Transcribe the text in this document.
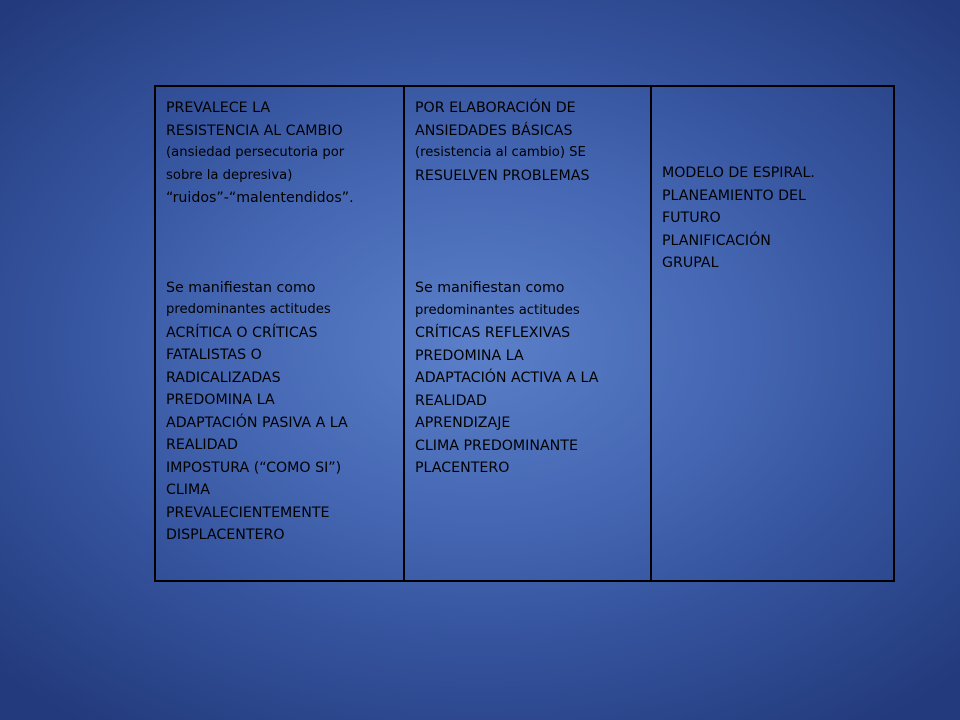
PREVALECE LA
RESISTENCIA AL CAMBIO
(ansiedad persecutoria por
sobre la depresiva)
“ruidos”-“malentendidos”.
Se manifiestan como
predominantes actitudes
ACRÍTICA O CRÍTICAS
FATALISTAS O
RADICALIZADAS
PREDOMINA LA
ADAPTACIÓN PASIVA A LA
REALIDAD
IMPOSTURA (“COMO SI”)
CLIMA
PREVALECIENTEMENTE
DISPLACENTERO
POR ELABORACIÓN DE
ANSIEDADES BÁSICAS
(resistencia al cambio) SE
RESUELVEN PROBLEMAS
Se manifiestan como
predominantes actitudes
CRÍTICAS REFLEXIVAS
PREDOMINA LA
ADAPTACIÓN ACTIVA A LA
REALIDAD
APRENDIZAJE
CLIMA PREDOMINANTE
PLACENTERO
MODELO DE ESPIRAL.
PLANEAMIENTO DEL
FUTURO
PLANIFICACIÓN
GRUPAL
